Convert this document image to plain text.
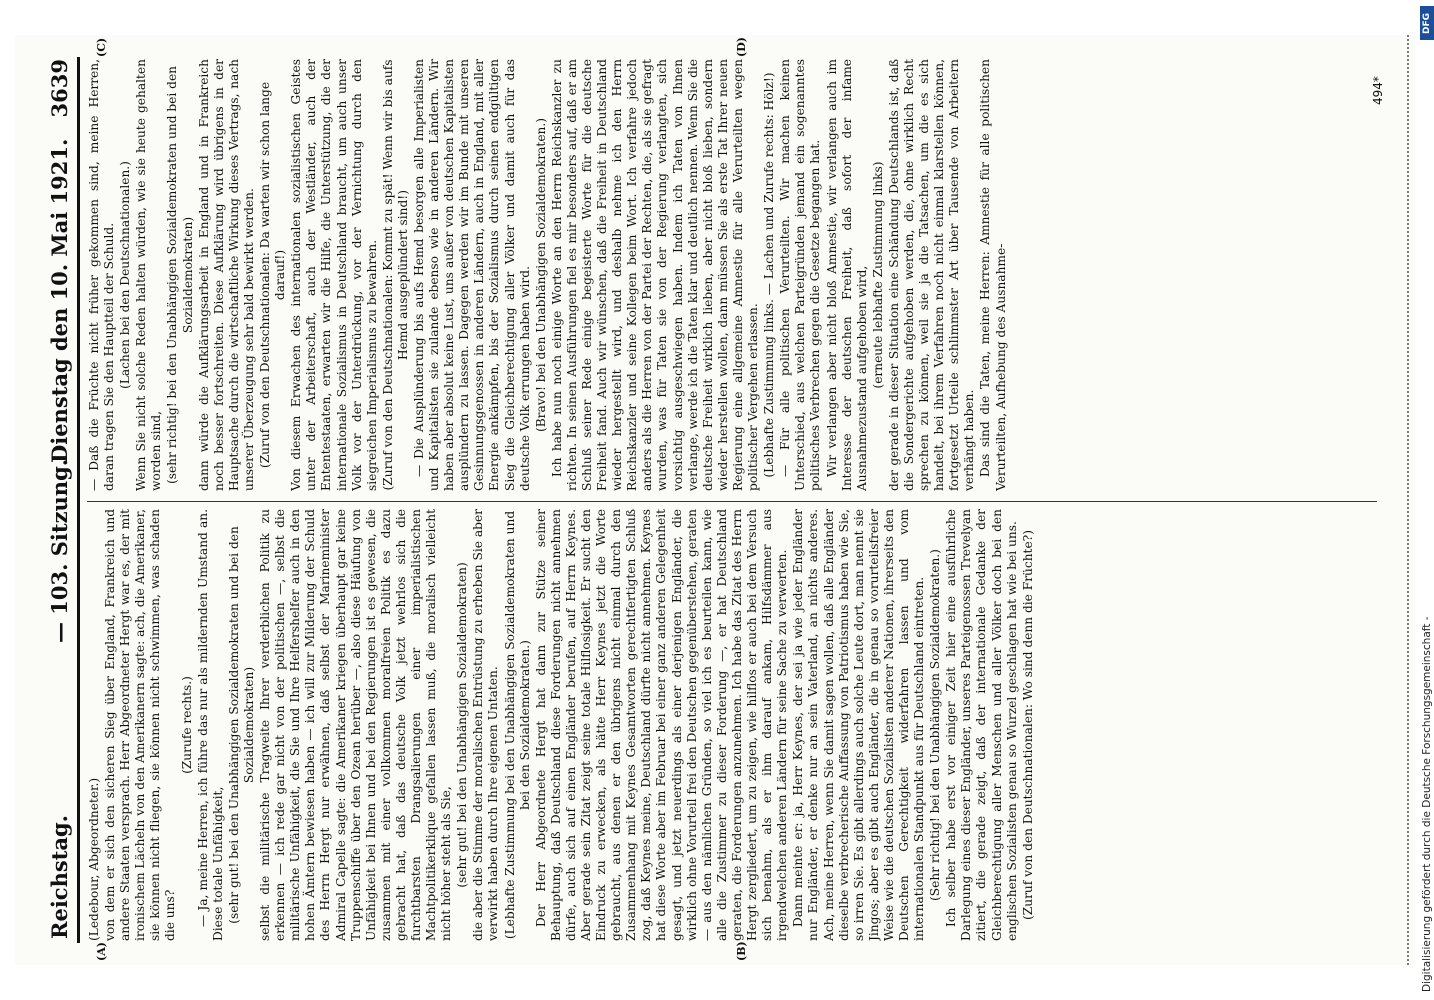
Reichstag.
— 103. Sitzung.
Dienstag den 10. Mai 1921.
3639
(A)	(B)
(C)	(D)

(Ledebour, Abgeordneter.) von dem er sich den sicheren Sieg über England, Frankreich und andere Staaten versprach. Herr Abgeordneter Hergt war es, der mit ironischem Lächeln von den Amerikanern sagte: ach, die Amerikaner, sie können nicht fliegen, sie können nicht schwimmen, was schaden die uns?

(Zurufe rechts.) — Ja, meine Herren, ich führe das nur als mildernden Umstand an. Diese totale Unfähigkeit, (sehr gut! bei den Unabhängigen Sozialdemokraten und bei den Sozialdemokraten) selbst die militärische Tragweite Ihrer verderblichen Politik zu erkennen — ich rede gar nicht von der politischen —, selbst die militärische Unfähigkeit, die Sie und Ihre Helfershelfer auch in den hohen Ämtern bewiesen haben — ich will zur Milderung der Schuld des Herrn Hergt nur erwähnen, daß selbst der Marineminister Admiral Capelle sagte: die Amerikaner kriegen überhaupt gar keine Truppenschiffe über den Ozean herüber —, also diese Häufung von Unfähigkeit bei Ihnen und bei den Regierungen ist es gewesen, die zusammen mit einer vollkommen moralfreien Politik es dazu gebracht hat, daß das deutsche Volk jetzt wehrlos sich die furchtbarsten Drangsalierungen einer imperialistischen Machtpolitikerklique gefallen lassen muß, die moralisch vielleicht nicht höher steht als Sie, (sehr gut! bei den Unabhängigen Sozialdemokraten) die aber die Stimme der moralischen Entrüstung zu erheben Sie aber verwirkt haben durch Ihre eigenen Untaten. (Lebhafte Zustimmung bei den Unabhängigen Sozialdemokraten und bei den Sozialdemokraten.) Der Herr Abgeordnete Hergt hat dann zur Stütze seiner Behauptung, daß Deutschland diese Forderungen nicht annehmen dürfe, auch sich auf einen Engländer berufen, auf Herrn Keynes. Aber gerade sein Zitat zeigt seine totale Hilflosigkeit. Er sucht den Eindruck zu erwecken, als hätte Herr Keynes jetzt die Worte gebraucht, aus denen er den übrigens nicht einmal durch den Zusammenhang mit Keynes Gesamtworten gerechtfertigten Schluß zog, daß Keynes meine, Deutschland dürfte nicht annehmen. Keynes hat diese Worte aber im Februar bei einer ganz anderen Gelegenheit gesagt, und jetzt neuerdings als einer derjenigen Engländer, die wirklich ohne Vorurteil frei den Deutschen gegenüberstehen, geraten — aus den nämlichen Gründen, so viel ich es beurteilen kann, wie alle die Zustimmer zu dieser Forderung —, er hat Deutschland geraten, die Forderungen anzunehmen. Ich habe das Zitat des Herrn Hergt zergliedert, um zu zeigen, wie hilflos er auch bei dem Versuch sich benahm, als er ihm darauf ankam, Hilfsdämmer aus irgendwelchen anderen Ländern für seine Sache zu verwerten. Dann meinte er: ja, Herr Keynes, der sei ja wie jeder Engländer nur Engländer, er denke nur an sein Vaterland, an nichts anderes. Ach, meine Herren, wenn Sie damit sagen wollen, daß alle Engländer dieselbe verbrecherische Auffassung von Patriotismus haben wie Sie, so irren Sie. Es gibt allerdings auch solche Leute dort, man nennt sie Jingos; aber es gibt auch Engländer, die in genau so vorurteilsfreier Weise wie die deutschen Sozialisten anderer Nationen, ihrerseits den Deutschen Gerechtigkeit widerfahren lassen und vom internationalen Standpunkt aus für Deutschland eintreten. (Sehr richtig! bei den Unabhängigen Sozialdemokraten.) Ich selber habe erst vor einiger Zeit hier eine ausführliche Darlegung eines dieser Engländer, unseres Parteigenossen Trevelyan zitiert, die gerade zeigt, daß der internationale Gedanke der Gleichberechtigung aller Menschen und aller Völker doch bei den englischen Sozialisten genau so Wurzel geschlagen hat wie bei uns. (Zuruf von den Deutschnationalen: Wo sind denn die Früchte?)

— Daß die Früchte nicht früher gekommen sind, meine Herren, daran tragen Sie den Hauptteil der Schuld. (Lachen bei den Deutschnationalen.) Wenn Sie nicht solche Reden halten würden, wie sie heute gehalten worden sind, (sehr richtig! bei den Unabhängigen Sozialdemokraten und bei den Sozialdemokraten) dann würde die Aufklärungsarbeit in England und in Frankreich noch besser fortschreiten. Diese Aufklärung wird übrigens in der Hauptsache durch die wirtschaftliche Wirkung dieses Vertrags, nach unserer Überzeugung sehr bald bewirkt werden. (Zuruf von den Deutschnationalen: Da warten wir schon lange darauf!) Von diesem Erwachen des internationalen sozialistischen Geistes unter der Arbeiterschaft, auch der Westländer, auch der Ententestaaten, erwarten wir die Hilfe, die Unterstützung, die der internationale Sozialismus in Deutschland braucht, um auch unser Volk vor der Unterdrückung, vor der Vernichtung durch den siegreichen Imperialismus zu bewahren. (Zuruf von den Deutschnationalen: Kommt zu spät! Wenn wir bis aufs Hemd ausgeplündert sind!) — Die Ausplünderung bis aufs Hemd besorgen alle Imperialisten und Kapitalisten sie zulande ebenso wie in anderen Ländern. Wir haben aber absolut keine Lust, uns außer von deutschen Kapitalisten ausplündern zu lassen. Dagegen werden wir im Bunde mit unseren Gesinnungsgenossen in anderen Ländern, auch in England, mit aller Energie ankämpfen, bis der Sozialismus durch seinen endgültigen Sieg die Gleichberechtigung aller Völker und damit auch für das deutsche Volk errungen haben wird. (Bravo! bei den Unabhängigen Sozialdemokraten.) Ich habe nun noch einige Worte an den Herrn Reichskanzler zu richten. In seinen Ausführungen fiel es mir besonders auf, daß er am Schluß seiner Rede einige begeisterte Worte für die deutsche Freiheit fand. Auch wir wünschen, daß die Freiheit in Deutschland wieder hergestellt wird, und deshalb nehme ich den Herrn Reichskanzler und seine Kollegen beim Wort. Ich verfahre jedoch anders als die Herren von der Partei der Rechten, die, als sie gefragt wurden, was für Taten sie von der Regierung verlangten, sich vorsichtig ausgeschwiegen haben. Indem ich Taten von Ihnen verlange, werde ich die Taten klar und deutlich nennen. Wenn Sie die deutsche Freiheit wirklich lieben, aber nicht bloß lieben, sondern wieder herstellen wollen, dann müssen Sie als erste Tat Ihrer neuen Regierung eine allgemeine Amnestie für alle Verurteilten wegen politischer Vergehen erlassen. (Lebhafte Zustimmung links. — Lachen und Zurufe rechts: Hölz!) — Für alle politischen Verurteilten. Wir machen keinen Unterschied, aus welchen Parteigründen jemand ein sogenanntes politisches Verbrechen gegen die Gesetze begangen hat. Wir verlangen aber nicht bloß Amnestie, wir verlangen auch im Interesse der deutschen Freiheit, daß sofort der infame Ausnahmezustand aufgehoben wird, (erneute lebhafte Zustimmung links) der gerade in dieser Situation eine Schändung Deutschlands ist, daß die Sondergerichte aufgehoben werden, die, ohne wirklich Recht sprechen zu können, weil sie ja die Tatsachen, um die es sich handelt, bei ihrem Verfahren noch nicht einmal klarstellen können, fortgesetzt Urteile schlimmster Art über Tausende von Arbeitern verhängt haben. Das sind die Taten, meine Herren: Amnestie für alle politischen Verurteilten, Aufhebung des Ausnahme-

494*
DFG
Digitalisierung gefördert durch die Deutsche Forschungsgemeinschaft -
